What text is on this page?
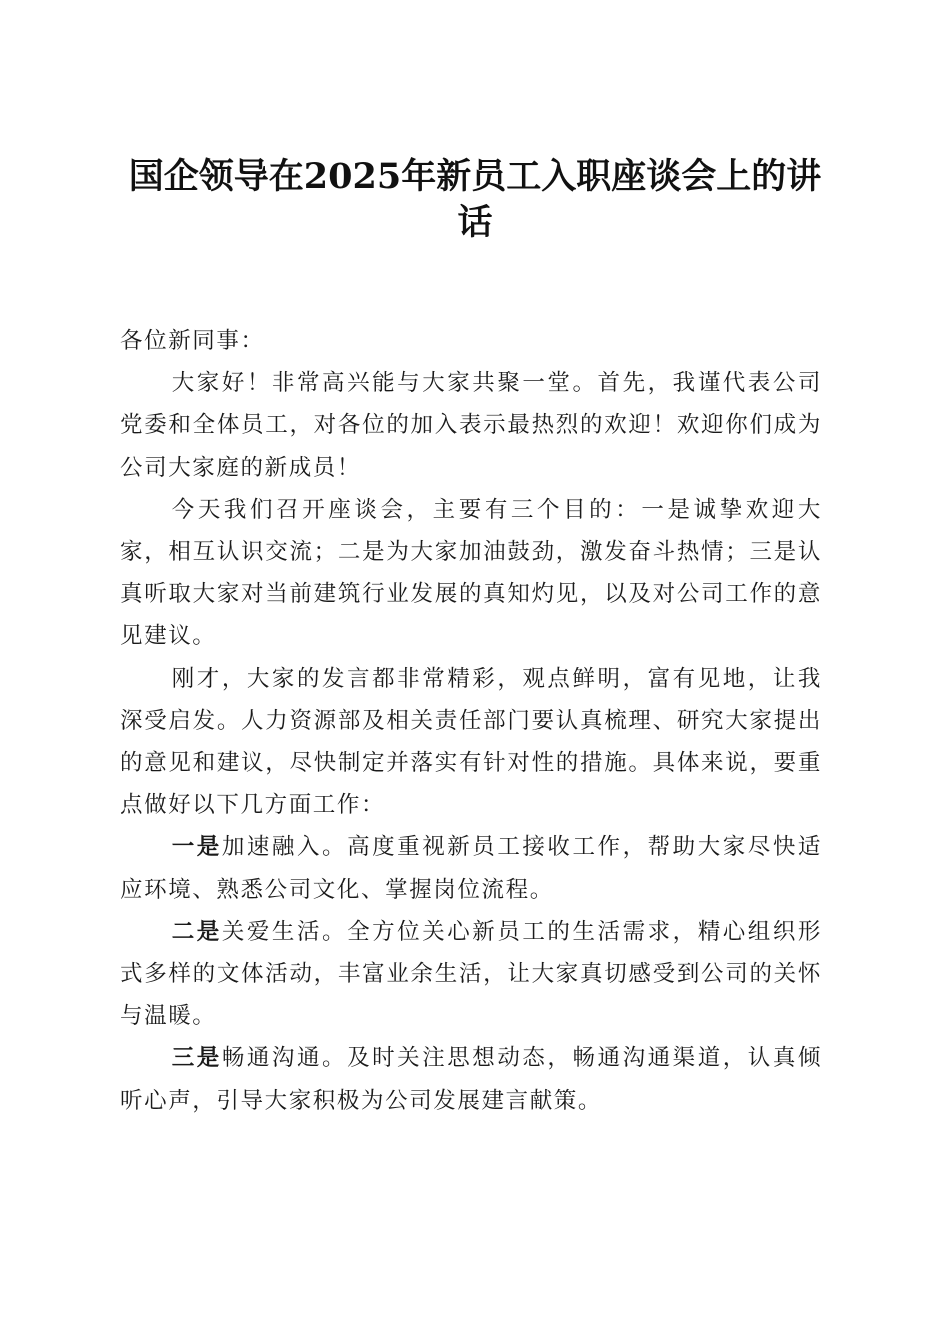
国企领导在2025年新员工入职座谈会上的讲话

各位新同事：

大家好！非常高兴能与大家共聚一堂。首先，我谨代表公司党委和全体员工，对各位的加入表示最热烈的欢迎！欢迎你们成为公司大家庭的新成员！

今天我们召开座谈会，主要有三个目的：一是诚挚欢迎大家，相互认识交流；二是为大家加油鼓劲，激发奋斗热情；三是认真听取大家对当前建筑行业发展的真知灼见，以及对公司工作的意见建议。

刚才，大家的发言都非常精彩，观点鲜明，富有见地，让我深受启发。人力资源部及相关责任部门要认真梳理、研究大家提出的意见和建议，尽快制定并落实有针对性的措施。具体来说，要重点做好以下几方面工作：

一是加速融入。高度重视新员工接收工作，帮助大家尽快适应环境、熟悉公司文化、掌握岗位流程。

二是关爱生活。全方位关心新员工的生活需求，精心组织形式多样的文体活动，丰富业余生活，让大家真切感受到公司的关怀与温暖。

三是畅通沟通。及时关注思想动态，畅通沟通渠道，认真倾听心声，引导大家积极为公司发展建言献策。
